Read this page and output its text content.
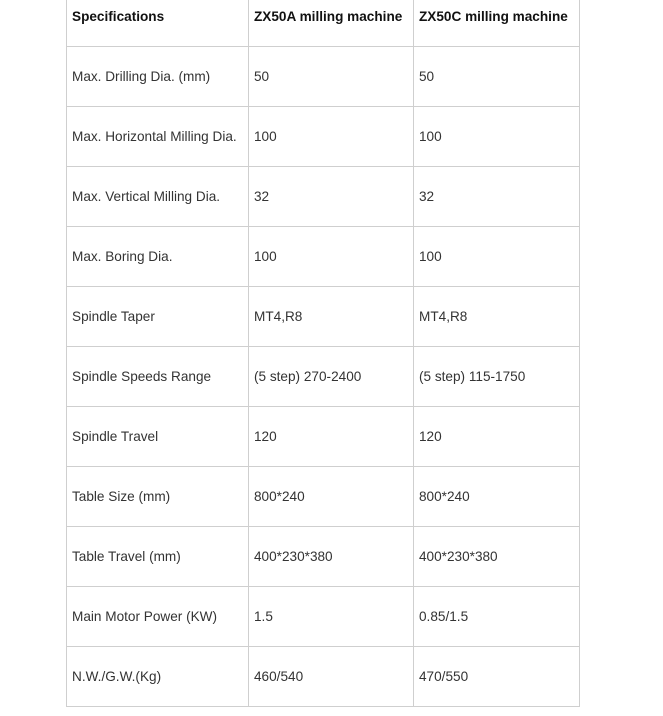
Specifications	ZX50A milling machine	ZX50C milling machine
Max. Drilling Dia. (mm)	50	50
Max. Horizontal Milling Dia.	100	100
Max. Vertical Milling Dia.	32	32
Max. Boring Dia.	100	100
Spindle Taper	MT4,R8	MT4,R8
Spindle Speeds Range	(5 step) 270-2400	(5 step) 115-1750
Spindle Travel	120	120
Table Size (mm)	800*240	800*240
Table Travel (mm)	400*230*380	400*230*380
Main Motor Power (KW)	1.5	0.85/1.5
N.W./G.W.(Kg)	460/540	470/550
